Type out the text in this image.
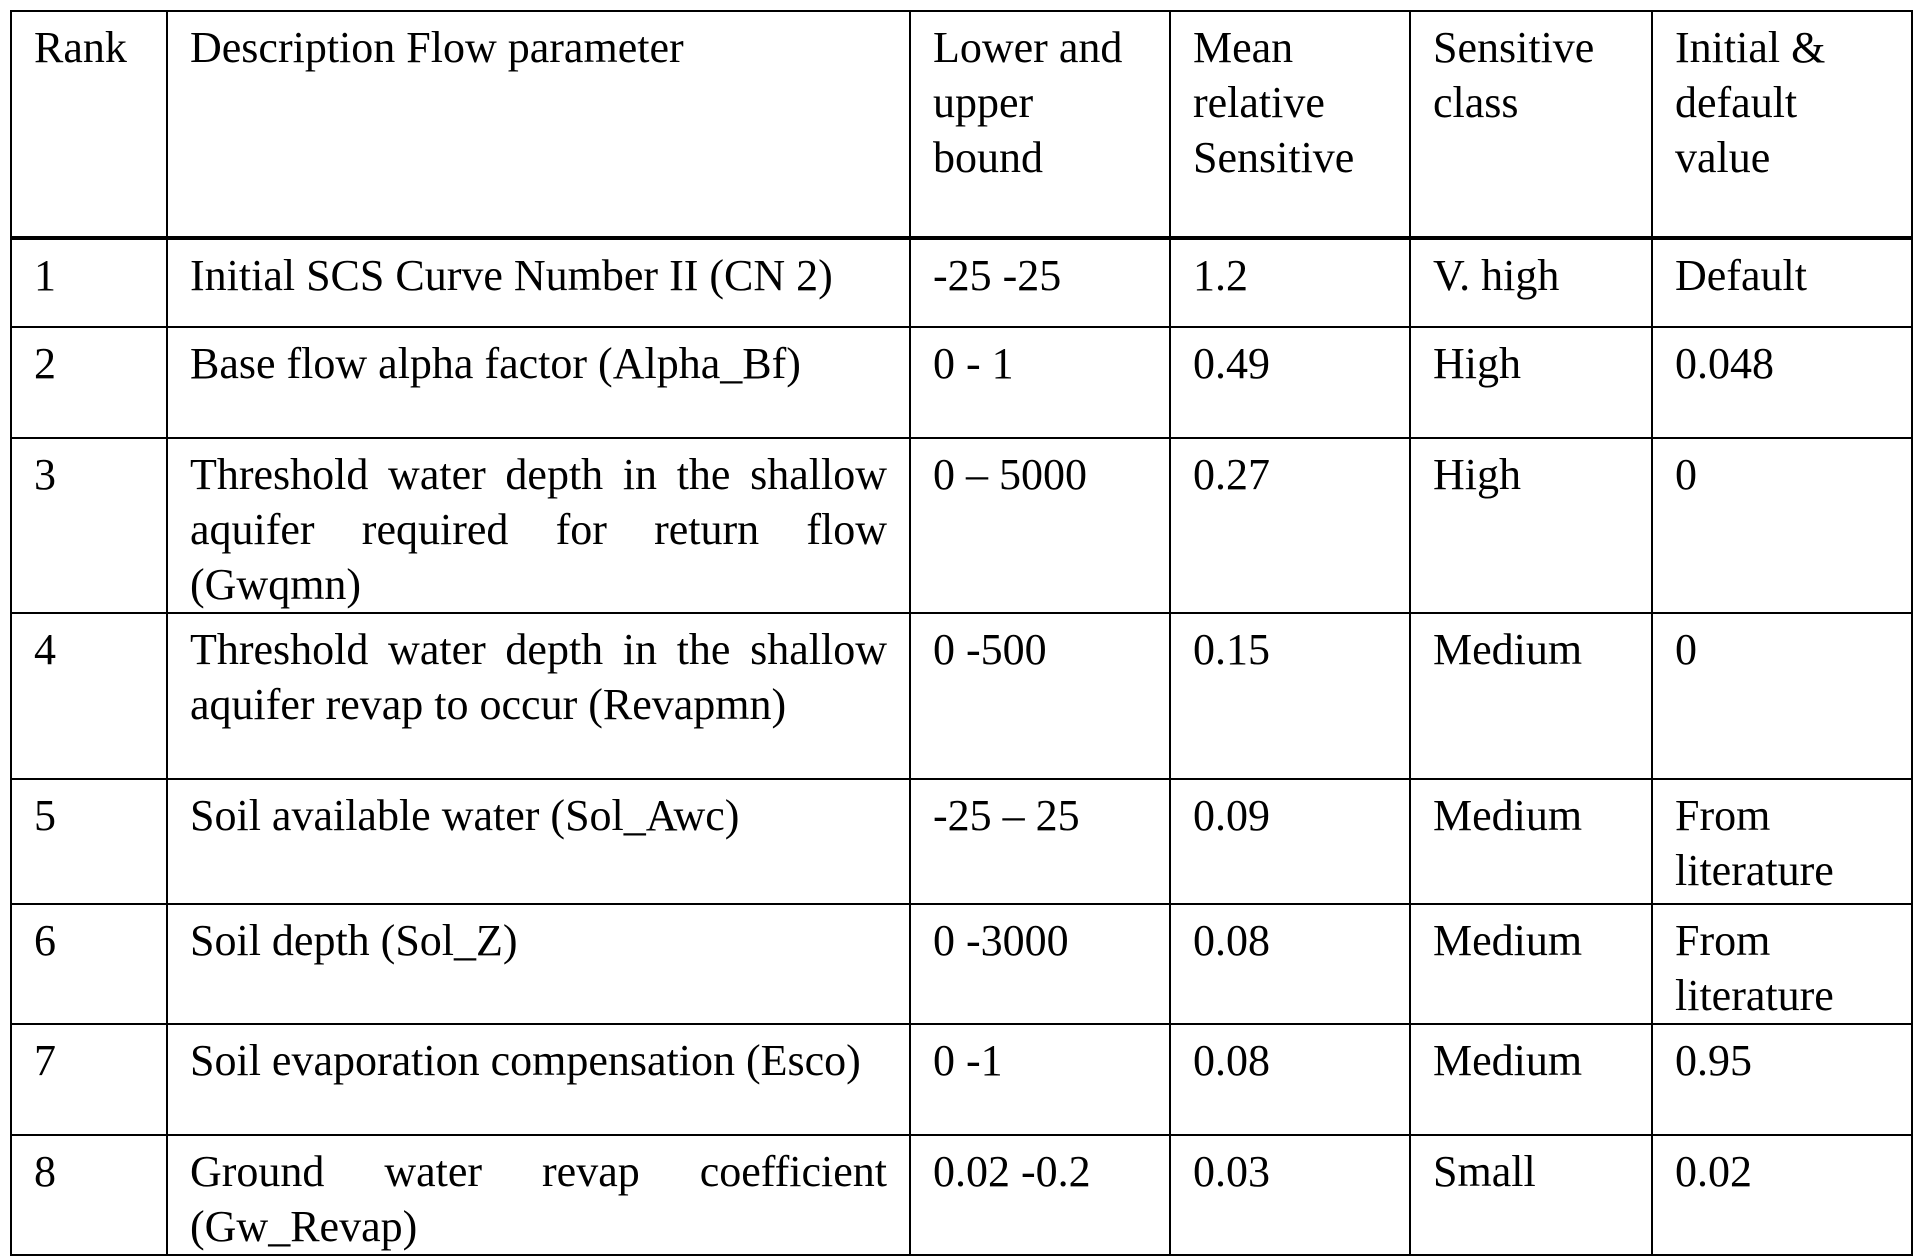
Rank	Description Flow parameter	Lower and upper bound	Mean relative Sensitive	Sensitive class	Initial & default value
1	Initial SCS Curve Number II (CN 2)	-25 -25	1.2	V. high	Default
2	Base flow alpha factor (Alpha_Bf)	0 - 1	0.49	High	0.048
3	Threshold water depth in the shallow aquifer required for return flow (Gwqmn)	0 – 5000	0.27	High	0
4	Threshold water depth in the shallow aquifer revap to occur (Revapmn)	0 -500	0.15	Medium	0
5	Soil available water (Sol_Awc)	-25 – 25	0.09	Medium	From literature
6	Soil depth (Sol_Z)	0 -3000	0.08	Medium	From literature
7	Soil evaporation compensation (Esco)	0 -1	0.08	Medium	0.95
8	Ground water revap coefficient (Gw_Revap)	0.02 -0.2	0.03	Small	0.02
